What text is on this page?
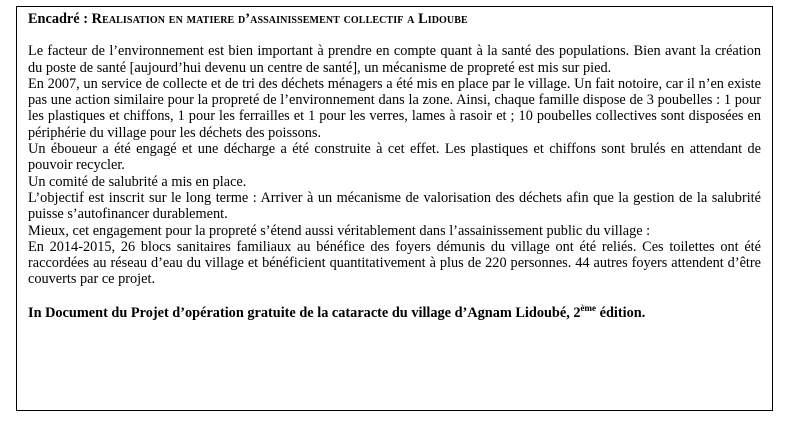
Encadré : Realisation en matiere d’assainissement collectif a Lidoube

Le facteur de l’environnement est bien important à prendre en compte quant à la santé des populations. Bien avant la création du poste de santé [aujourd’hui devenu un centre de santé], un mécanisme de propreté est mis sur pied.

En 2007, un service de collecte et de tri des déchets ménagers a été mis en place par le village. Un fait notoire, car il n’en existe pas une action similaire pour la propreté de l’environnement dans la zone. Ainsi, chaque famille dispose de 3 poubelles : 1 pour les plastiques et chiffons, 1 pour les ferrailles et 1 pour les verres, lames à rasoir et ; 10 poubelles collectives sont disposées en périphérie du village pour les déchets des poissons.

Un éboueur a été engagé et une décharge a été construite à cet effet. Les plastiques et chiffons sont brulés en attendant de pouvoir recycler.

Un comité de salubrité a mis en place.

L’objectif est inscrit sur le long terme : Arriver à un mécanisme de valorisation des déchets afin que la gestion de la salubrité puisse s’autofinancer durablement.

Mieux, cet engagement pour la propreté s’étend aussi véritablement dans l’assainissement public du village :

En 2014-2015, 26 blocs sanitaires familiaux au bénéfice des foyers démunis du village ont été reliés. Ces toilettes ont été raccordées au réseau d’eau du village et bénéficient quantitativement à plus de 220 personnes. 44 autres foyers attendent d’être couverts par ce projet.

In Document du Projet d’opération gratuite de la cataracte du village d’Agnam Lidoubé, 2ème édition.
